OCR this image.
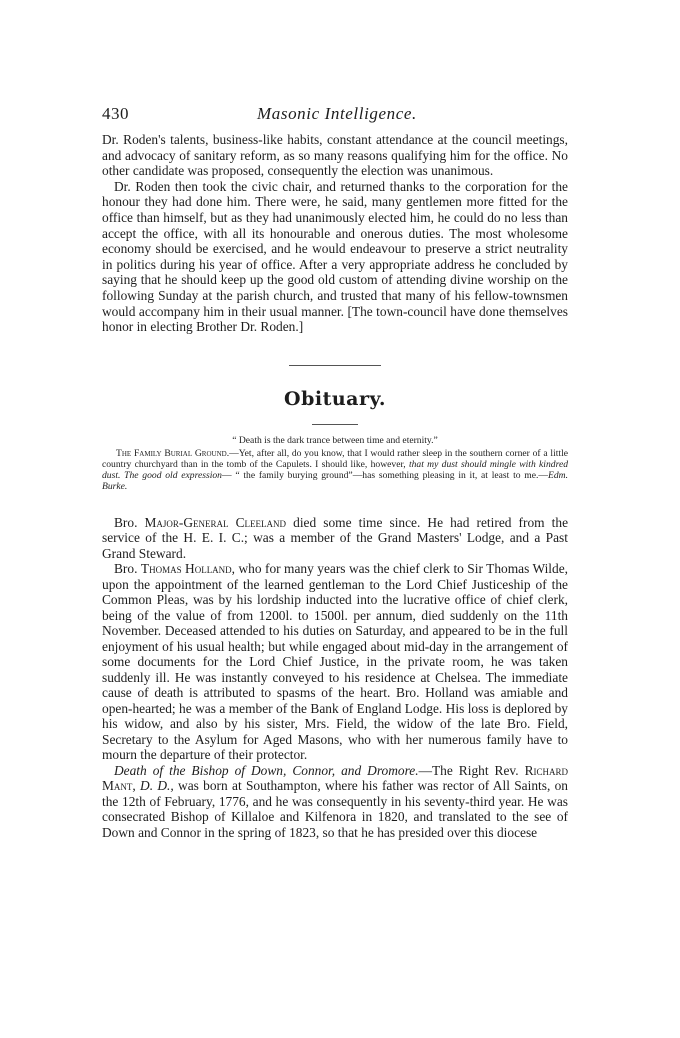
430	Masonic Intelligence.

Dr. Roden's talents, business-like habits, constant attendance at the council meetings, and advocacy of sanitary reform, as so many reasons qualifying him for the office. No other candidate was proposed, consequently the election was unanimous.

Dr. Roden then took the civic chair, and returned thanks to the corporation for the honour they had done him. There were, he said, many gentlemen more fitted for the office than himself, but as they had unanimously elected him, he could do no less than accept the office, with all its honourable and onerous duties. The most wholesome economy should be exercised, and he would endeavour to preserve a strict neutrality in politics during his year of office. After a very appropriate address he concluded by saying that he should keep up the good old custom of attending divine worship on the following Sunday at the parish church, and trusted that many of his fellow-townsmen would accompany him in their usual manner. [The town-council have done themselves honor in electing Brother Dr. Roden.]

Obituary.
“ Death is the dark trance between time and eternity.”
The Family Burial Ground.—Yet, after all, do you know, that I would rather sleep in the southern corner of a little country churchyard than in the tomb of the Capulets. I should like, however, that my dust should mingle with kindred dust. The good old expression— “ the family burying ground”—has something pleasing in it, at least to me.—Edm. Burke.

Bro. Major-General Cleeland died some time since. He had retired from the service of the H. E. I. C.; was a member of the Grand Masters' Lodge, and a Past Grand Steward.

Bro. Thomas Holland, who for many years was the chief clerk to Sir Thomas Wilde, upon the appointment of the learned gentleman to the Lord Chief Justiceship of the Common Pleas, was by his lordship inducted into the lucrative office of chief clerk, being of the value of from 1200l. to 1500l. per annum, died suddenly on the 11th November. Deceased attended to his duties on Saturday, and appeared to be in the full enjoyment of his usual health; but while engaged about mid-day in the arrangement of some documents for the Lord Chief Justice, in the private room, he was taken suddenly ill. He was instantly conveyed to his residence at Chelsea. The immediate cause of death is attributed to spasms of the heart. Bro. Holland was amiable and open-hearted; he was a member of the Bank of England Lodge. His loss is deplored by his widow, and also by his sister, Mrs. Field, the widow of the late Bro. Field, Secretary to the Asylum for Aged Masons, who with her numerous family have to mourn the departure of their protector.

Death of the Bishop of Down, Connor, and Dromore.—The Right Rev. Richard Mant, D. D., was born at Southampton, where his father was rector of All Saints, on the 12th of February, 1776, and he was consequently in his seventy-third year. He was consecrated Bishop of Killaloe and Kilfenora in 1820, and translated to the see of Down and Connor in the spring of 1823, so that he has presided over this diocese
